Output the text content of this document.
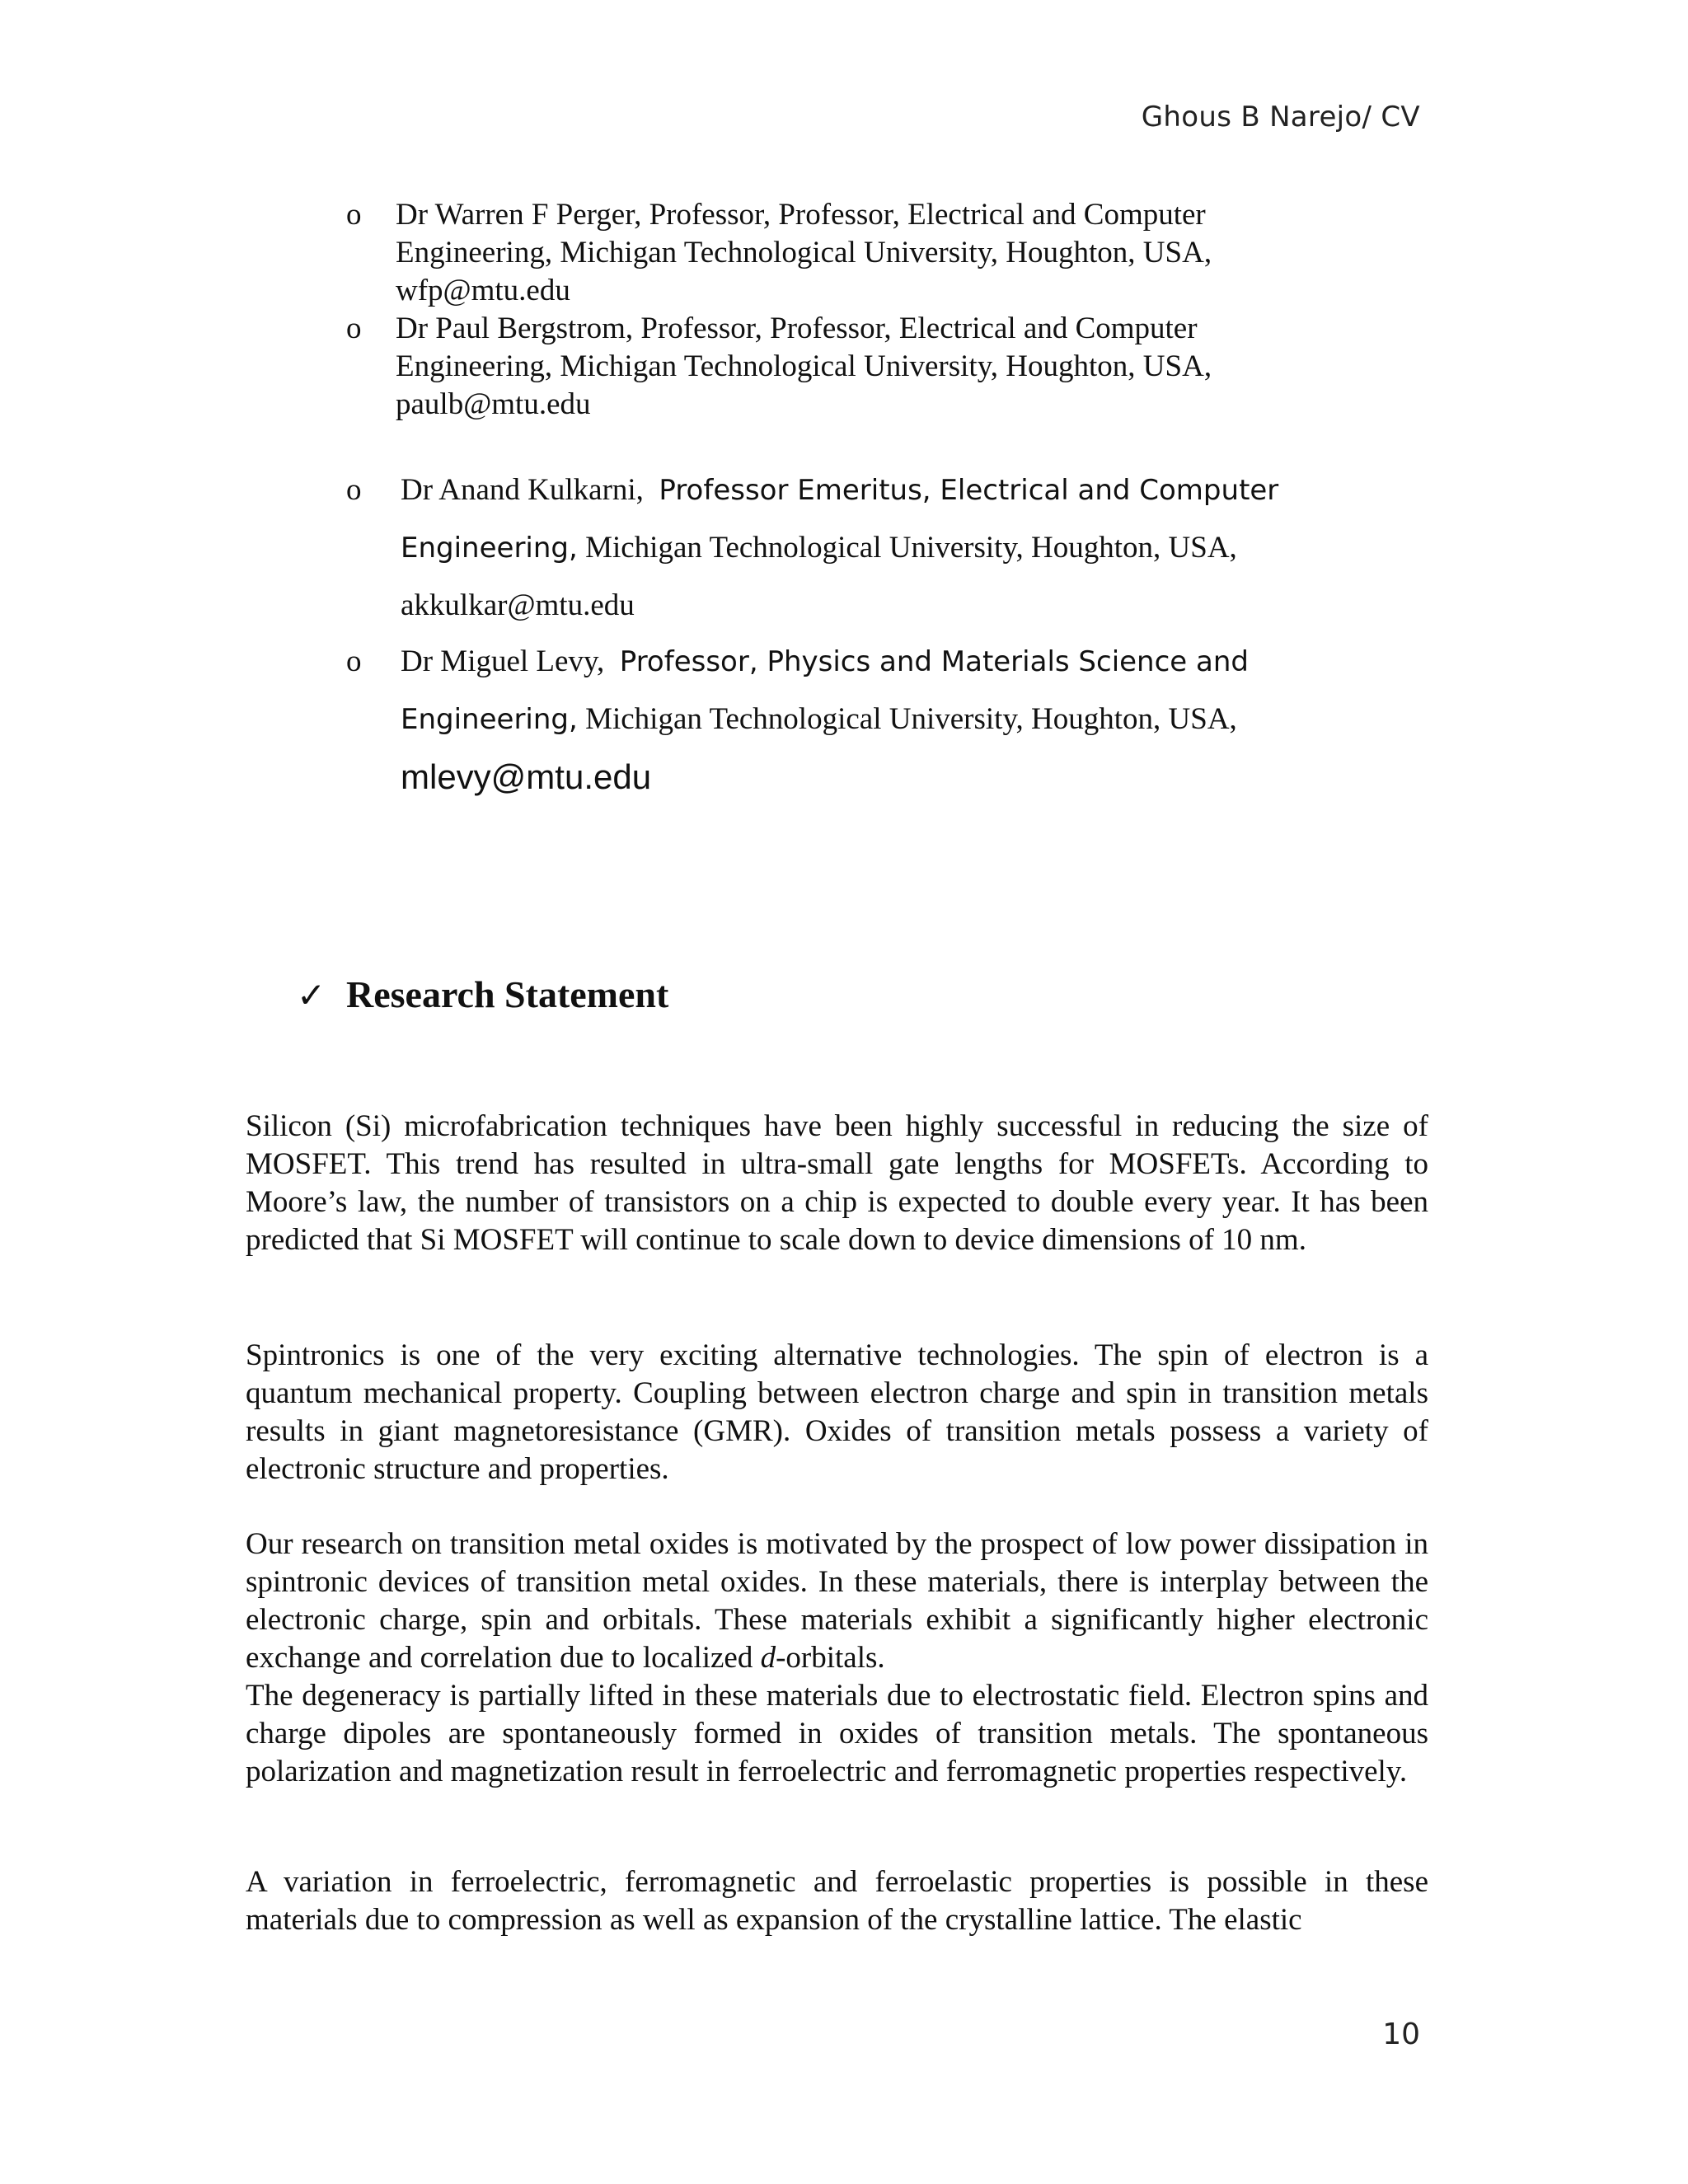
Ghous B Narejo/ CV
o Dr Warren F Perger, Professor, Professor, Electrical and Computer
Engineering, Michigan Technological University, Houghton, USA,
wfp@mtu.edu
o Dr Paul Bergstrom, Professor, Professor, Electrical and Computer
Engineering, Michigan Technological University, Houghton, USA,
paulb@mtu.edu
o Dr Anand Kulkarni, Professor Emeritus, Electrical and Computer
Engineering, Michigan Technological University, Houghton, USA,
akkulkar@mtu.edu
o Dr Miguel Levy, Professor, Physics and Materials Science and
Engineering, Michigan Technological University, Houghton, USA,
mlevy@mtu.edu
✓ Research Statement
Silicon (Si) microfabrication techniques have been highly successful in reducing the size of MOSFET. This trend has resulted in ultra-small gate lengths for MOSFETs. According to Moore’s law, the number of transistors on a chip is expected to double every year. It has been predicted that Si MOSFET will continue to scale down to device dimensions of 10 nm.
Spintronics is one of the very exciting alternative technologies. The spin of electron is a quantum mechanical property. Coupling between electron charge and spin in transition metals results in giant magnetoresistance (GMR). Oxides of transition metals possess a variety of electronic structure and properties.
Our research on transition metal oxides is motivated by the prospect of low power dissipation in spintronic devices of transition metal oxides. In these materials, there is interplay between the electronic charge, spin and orbitals. These materials exhibit a significantly higher electronic exchange and correlation due to localized d-orbitals.
The degeneracy is partially lifted in these materials due to electrostatic field. Electron spins and charge dipoles are spontaneously formed in oxides of transition metals. The spontaneous polarization and magnetization result in ferroelectric and ferromagnetic properties respectively.
A variation in ferroelectric, ferromagnetic and ferroelastic properties is possible in these materials due to compression as well as expansion of the crystalline lattice. The elastic
10
